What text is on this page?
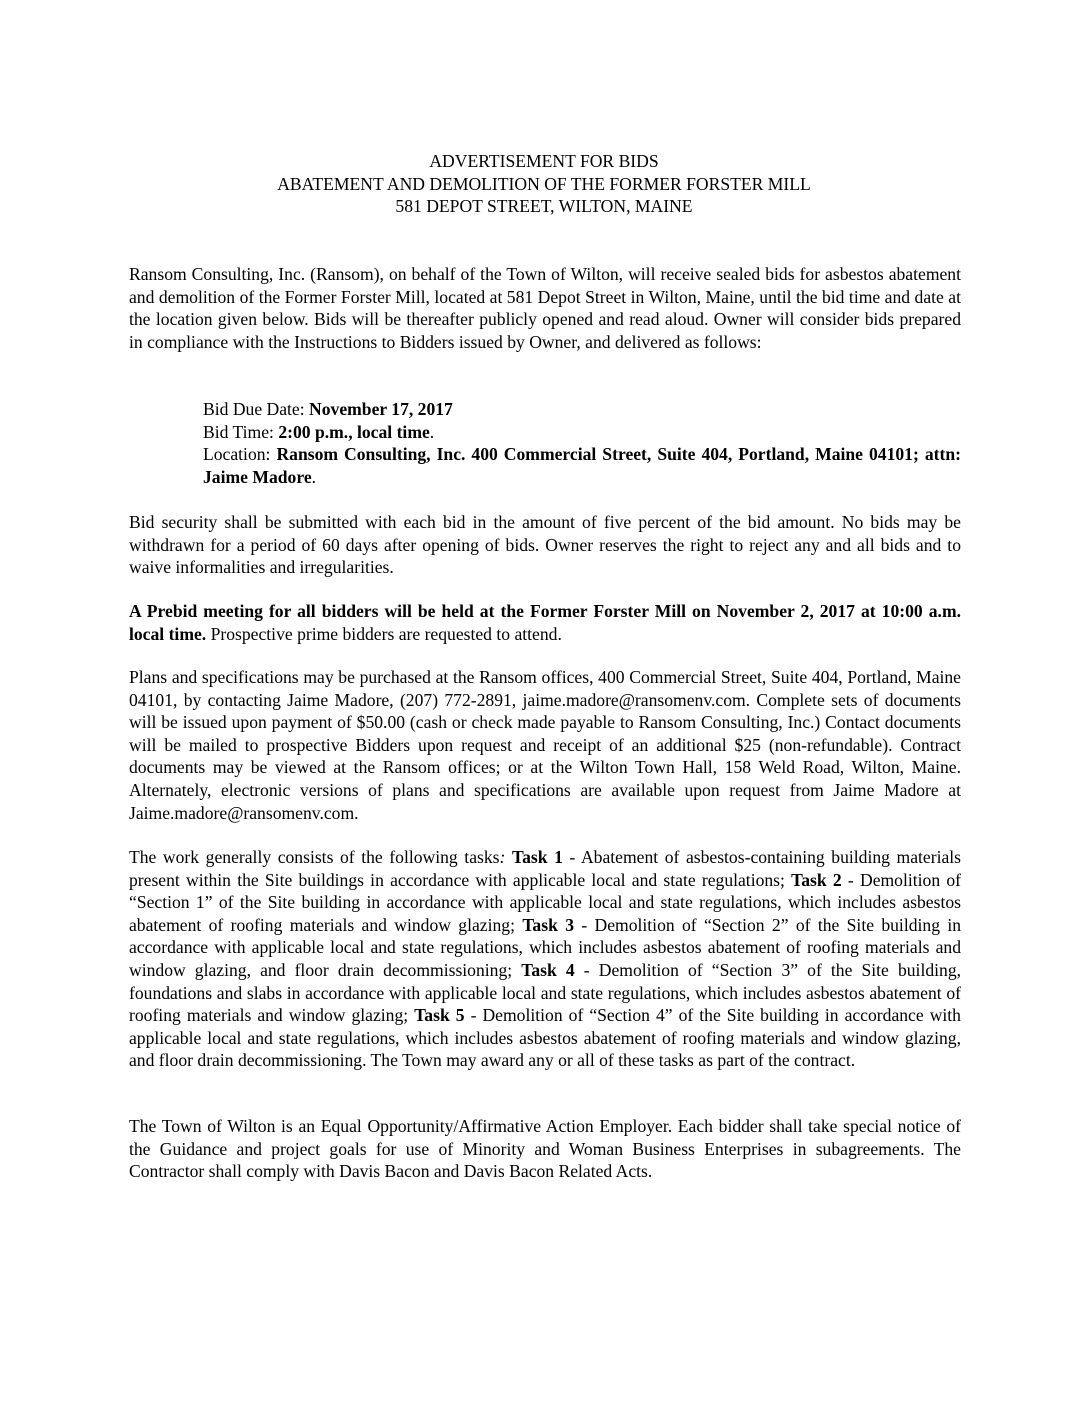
ADVERTISEMENT FOR BIDS
ABATEMENT AND DEMOLITION OF THE FORMER FORSTER MILL
581 DEPOT STREET, WILTON, MAINE
Ransom Consulting, Inc. (Ransom), on behalf of the Town of Wilton, will receive sealed bids for asbestos abatement and demolition of the Former Forster Mill, located at 581 Depot Street in Wilton, Maine, until the bid time and date at the location given below. Bids will be thereafter publicly opened and read aloud. Owner will consider bids prepared in compliance with the Instructions to Bidders issued by Owner, and delivered as follows:
Bid Due Date: November 17, 2017
Bid Time: 2:00 p.m., local time.
Location: Ransom Consulting, Inc. 400 Commercial Street, Suite 404, Portland, Maine 04101; attn: Jaime Madore.
Bid security shall be submitted with each bid in the amount of five percent of the bid amount. No bids may be withdrawn for a period of 60 days after opening of bids. Owner reserves the right to reject any and all bids and to waive informalities and irregularities.
A Prebid meeting for all bidders will be held at the Former Forster Mill on November 2, 2017 at 10:00 a.m. local time. Prospective prime bidders are requested to attend.
Plans and specifications may be purchased at the Ransom offices, 400 Commercial Street, Suite 404, Portland, Maine 04101, by contacting Jaime Madore, (207) 772-2891, jaime.madore@ransomenv.com. Complete sets of documents will be issued upon payment of $50.00 (cash or check made payable to Ransom Consulting, Inc.) Contact documents will be mailed to prospective Bidders upon request and receipt of an additional $25 (non-refundable). Contract documents may be viewed at the Ransom offices; or at the Wilton Town Hall, 158 Weld Road, Wilton, Maine. Alternately, electronic versions of plans and specifications are available upon request from Jaime Madore at Jaime.madore@ransomenv.com.
The work generally consists of the following tasks: Task 1 - Abatement of asbestos-containing building materials present within the Site buildings in accordance with applicable local and state regulations; Task 2 - Demolition of “Section 1” of the Site building in accordance with applicable local and state regulations, which includes asbestos abatement of roofing materials and window glazing; Task 3 - Demolition of “Section 2” of the Site building in accordance with applicable local and state regulations, which includes asbestos abatement of roofing materials and window glazing, and floor drain decommissioning; Task 4 - Demolition of “Section 3” of the Site building, foundations and slabs in accordance with applicable local and state regulations, which includes asbestos abatement of roofing materials and window glazing; Task 5 - Demolition of “Section 4” of the Site building in accordance with applicable local and state regulations, which includes asbestos abatement of roofing materials and window glazing, and floor drain decommissioning. The Town may award any or all of these tasks as part of the contract.
The Town of Wilton is an Equal Opportunity/Affirmative Action Employer. Each bidder shall take special notice of the Guidance and project goals for use of Minority and Woman Business Enterprises in subagreements. The Contractor shall comply with Davis Bacon and Davis Bacon Related Acts.
